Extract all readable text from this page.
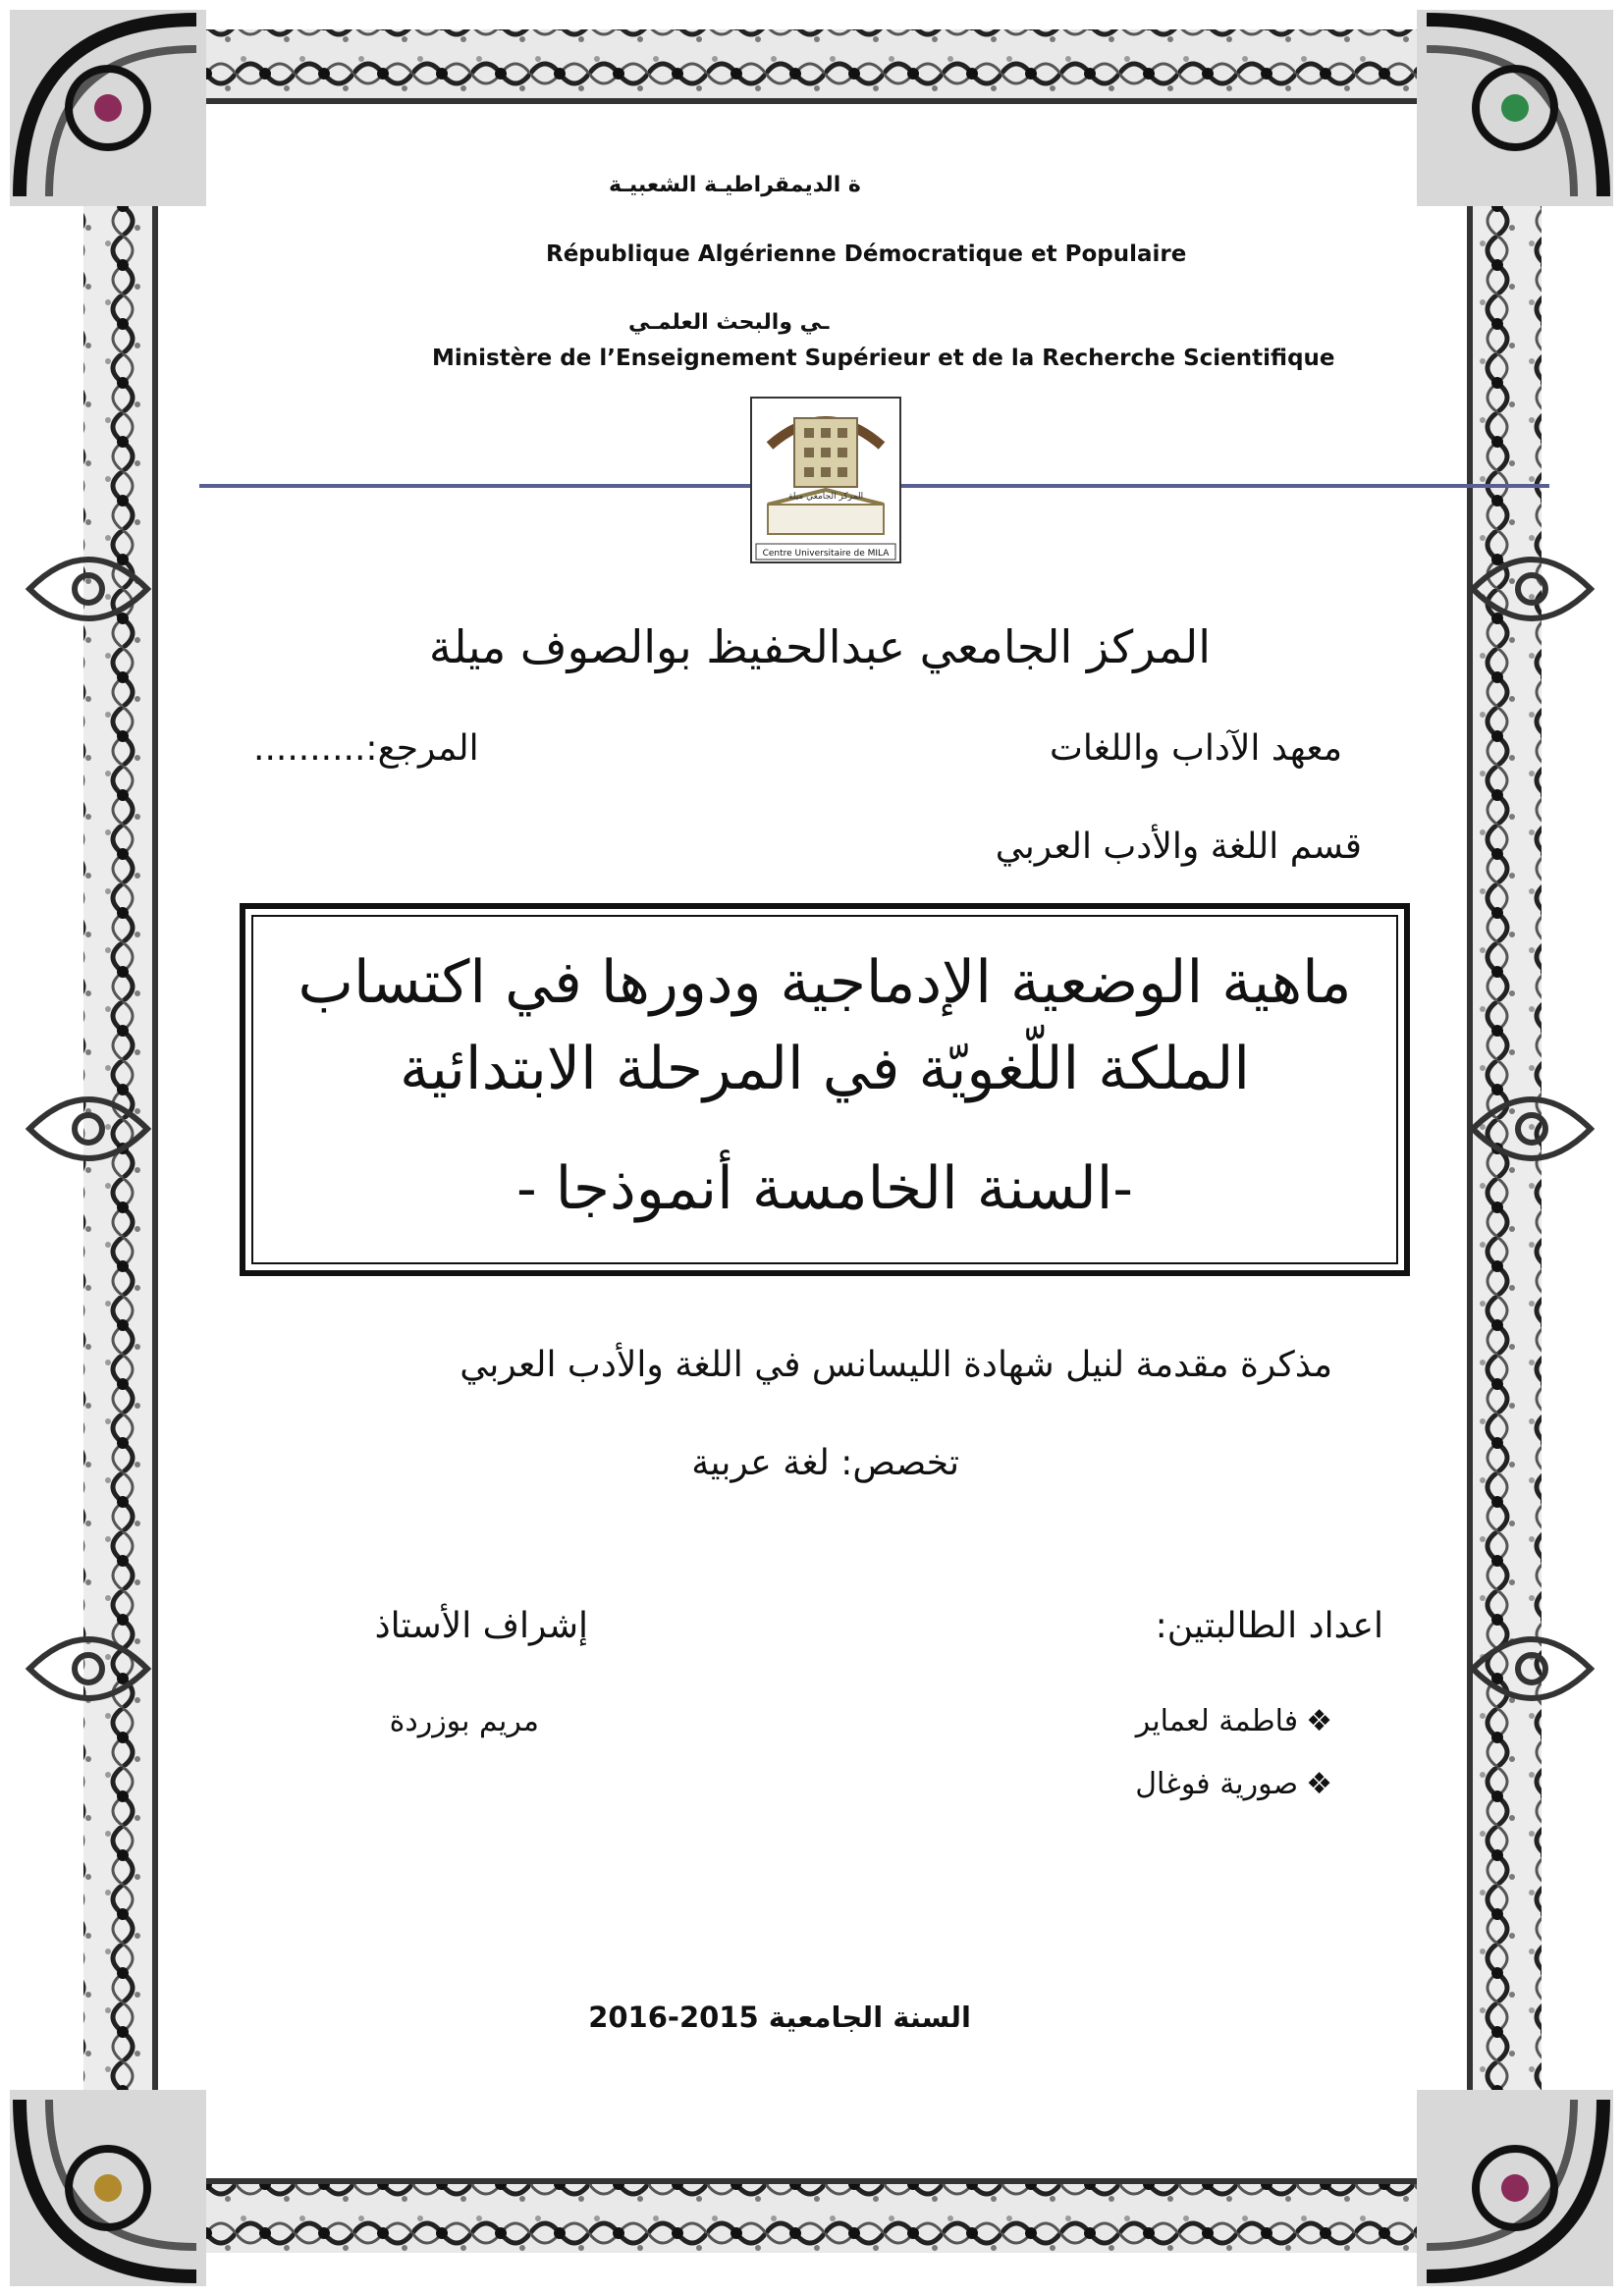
ة الديمقراطيـة الشعبيـة
République Algérienne Démocratique et Populaire
ـي والبحث العلمـي
Ministère de l’Enseignement Supérieur et de la Recherche Scientifique
المركز الجامعي ميلة
Centre Universitaire de MILA
المركز الجامعي عبدالحفيظ بوالصوف ميلة
معهد الآداب واللغات
المرجع:..........
قسم اللغة والأدب العربي
ماهية الوضعية الإدماجية ودورها في اكتساب
الملكة اللّغويّة في المرحلة الابتدائية
-السنة الخامسة أنموذجا -
مذكرة مقدمة لنيل شهادة الليسانس في اللغة والأدب العربي
تخصص: لغة عربية
اعداد الطالبتين:
❖فاطمة لعماير
❖صورية فوغال
إشراف الأستاذ
مريم بوزردة
السنة الجامعية 2015-2016
